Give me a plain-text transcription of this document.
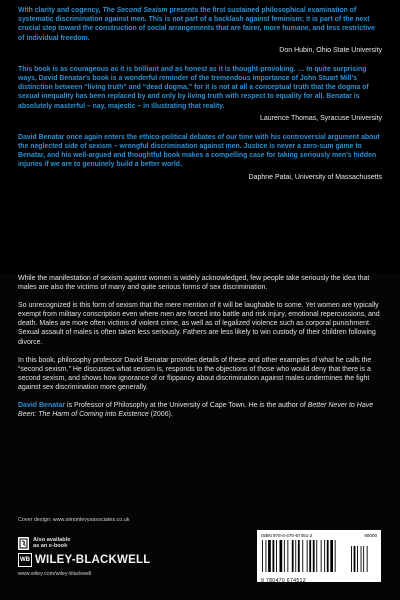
With clarity and cogency, The Second Sexism presents the first sustained philosophical examination of systematic discrimination against men. This is not part of a backlash against feminism; it is part of the next crucial step toward the construction of social arrangements that are fairer, more humane, and less restrictive of individual freedom.

Don Hubin, Ohio State University

This book is as courageous as it is brilliant and as honest as it is thought-provoking. … In quite surprising ways, David Benatar's book is a wonderful reminder of the tremendous importance of John Stuart Mill's distinction between “living truth” and “dead dogma,” for it is not at all a conceptual truth that the dogma of sexual inequality has been replaced by and only by living truth with respect to equality for all. Benatar is absolutely masterful – nay, majestic – in illustrating that reality.

Laurence Thomas, Syracuse University

David Benatar once again enters the ethico-political debates of our time with his controversial argument about the neglected side of sexism – wrongful discrimination against men. Justice is never a zero-sum game to Benatar, and his well-argued and thoughtful book makes a compelling case for taking seriously men's hidden injuries if we are to genuinely build a better world.

Daphne Patai, University of Massachusetts

While the manifestation of sexism against women is widely acknowledged, few people take seriously the idea that males are also the victims of many and quite serious forms of sex discrimination.

So unrecognized is this form of sexism that the mere mention of it will be laughable to some. Yet women are typically exempt from military conscription even where men are forced into battle and risk injury, emotional repercussions, and death. Males are more often victims of violent crime, as well as of legalized violence such as corporal punishment. Sexual assault of males is often taken less seriously. Fathers are less likely to win custody of their children following divorce.

In this book, philosophy professor David Benatar provides details of these and other examples of what he calls the “second sexism.” He discusses what sexism is, responds to the objections of those who would deny that there is a second sexism, and shows how ignorance of or flippancy about discrimination against males undermines the fight against sex discrimination more generally.

David Benatar is Professor of Philosophy at the University of Cape Town. He is the author of Better Never to Have Been: The Harm of Coming into Existence (2006).

Cover design: www.simonlevyassociates.co.uk
Also available
as an e-book
WB WILEY-BLACKWELL
www.wiley.com/wiley-blackwell
ISBN 978-0-470-67451-2	90000
9 780470 674512
